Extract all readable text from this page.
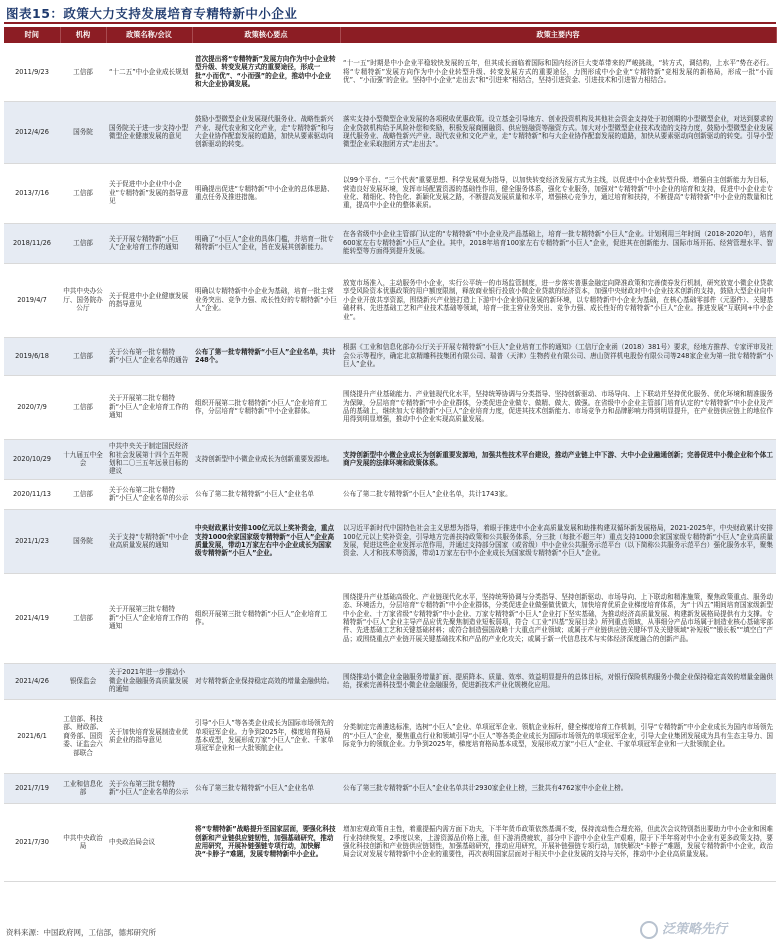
图表15：政策大力支持发展培育专精特新中小企业
时间	机构	政策名称/会议	政策核心要点	政策主要内容
2011/9/23	工信部	“十二五”中小企业成长规划	首次提出将“专精特新”发展方向作为中小企业转型升级、转变发展方式的重要途径，形成一批“小而优”、“小而强”的企业，推动中小企业和大企业协调发展。	“十一五”时期是中小企业平稳较快发展的五年，但其成长面临着国际和国内经济巨大变革带来的严峻挑战，“转方式，调结构，上水平”势在必行。将“专精特新”发展方向作为中小企业转型升级、转变发展方式的重要途径，力图形成中小企业“专精特新”竞相发展的新格局，形成一批“小而优”、“小而强”的企业。坚持中小企业“走出去”和“引进来”相结合，坚持引进资金、引进技术和引进智力相结合。
2012/4/26	国务院	国务院关于进一步支持小型微型企业健康发展的意见	鼓励小型微型企业发展现代服务业、战略性新兴产业、现代农业和文化产业，走“专精特新”和与大企业协作配套发展的道路，加快从要素驱动向创新驱动的转变。	落实支持小型微型企业发展的各项税收优惠政策。设立基金引导地方、创业投资机构及其他社会资金支持处于初创期的小型微型企业，对达到要求的企业贷款机构给予风险补偿和奖励，积极发展商圈融资、供应链融资等融资方式。加大对小型微型企业技术改造的支持力度，鼓励小型微型企业发展现代服务业、战略性新兴产业、现代农业和文化产业，走“专精特新”和与大企业协作配套发展的道路，加快从要素驱动向创新驱动的转变。引导小型微型企业采取抱团方式“走出去”。
2013/7/16	工信部	关于促进中小企业中小企业“专精特新”发展的指导意见	明确提出促进“专精特新”中小企业的总体思路、重点任务及推进措施。	以99个平台、“三个代表”重要思想、科学发展观为指导，以加快转变经济发展方式为主线，以促进中小企业转型升级、增强自主创新能力为目标，营造良好发展环境，发挥市场配置资源的基础性作用，健全服务体系，强化专业服务，加强对“专精特新”中小企业的培育和支持，促进中小企业走专业化、精细化、特色化、新颖化发展之路，不断提高发展质量和水平，增强核心竞争力，通过培育和扶持，不断提高“专精特新”中小企业的数量和比重，提高中小企业的整体素质。
2018/11/26	工信部	关于开展专精特新“小巨人”企业培育工作的通知	明确了“小巨人”企业的具体门槛，并培育一批专精特新“小巨人”企业，旨在发展其创新能力。	在各省级中小企业主管部门认定的“专精特新”中小企业及产品基础上，培育一批专精特新“小巨人”企业。计划利用三年时间（2018-2020年），培育600家左右专精特新“小巨人”企业。其中，2018年培育100家左右专精特新“小巨人”企业，促进其在创新能力、国际市场开拓、经营管理水平、智能转型等方面得到提升发展。
2019/4/7	中共中央办公厅、国务院办公厅	关于促进中小企业健康发展的指导意见	明确以专精特新中小企业为基础，培育一批主营业务突出、竞争力强、成长性好的专精特新“小巨人”企业。	放宽市场准入，主动服务中小企业，实行公平统一的市场监管制度，进一步落实普惠金融定向降准政策和完善债券发行机制，研究放宽小微企业贷款享受风险资本优惠政策的用户额度限制，释放商业银行投放小微企业贷款的经济资本，加强中央财政对中小企业技术创新的支持，鼓励大型企业向中小企业开放共享资源，围绕新兴产业链打造上下游中小企业协同发展的新环境，以专精特新中小企业为基础，在核心基础零部件（元器件）、关键基础材料、先进基础工艺和产业技术基础等领域，培育一批主营业务突出、竞争力强、成长性好的专精特新“小巨人”企业。推进发展“互联网+中小企业”。
2019/6/18	工信部	关于公布第一批专精特新“小巨人”企业名单的通告	公布了第一批专精特新“小巨人”企业名单，共计248个。	根据《工业和信息化部办公厅关于开展专精特新“小巨人”企业培育工作的通知》（工信厅企业函（2018）381号）要求，经地方推荐、专家评审及社会公示等程序，确定北京精雕科技集团有限公司、瑞普（天津）生物药业有限公司、唐山贺祥机电股份有限公司等248家企业为第一批专精特新“小巨人”企业。
2020/7/9	工信部	关于开展第二批专精特新“小巨人”企业培育工作的通知	组织开展第二批专精特新“小巨人”企业培育工作，分层培育“专精特新”中小企业群体。	围绕提升产业基础能力、产业链现代化水平，坚持统筹协调与分类指导、坚持创新驱动、市场导向、上下联动并坚持优化服务、优化环境和精准服务为保障，分层培育“专精特新”中小企业群体，分类促进企业做专、做精、做大、做强。在省级中小企业主管部门培育认定的“专精特新”中小企业及产品的基础上，继续加大专精特新“小巨人”企业培育力度，促进其技术创新能力、市场竞争力和品牌影响力得到明显提升，在产业链供应链上的地位作用得到明显增强，推动中小企业实现高质量发展。
2020/10/29	十九届五中全会	中共中央关于制定国民经济和社会发展第十四个五年规划和二〇三五年远景目标的建议	支持创新型中小微企业成长为创新重要发源地。	支持创新型中小微企业成长为创新重要发源地，加强共性技术平台建设，推动产业链上中下游、大中小企业融通创新；完善促进中小微企业和个体工商户发展的法律环境和政策体系。
2020/11/13	工信部	关于公布第二批专精特新“小巨人”企业名单的公示	公布了第二批专精特新“小巨人”企业名单	公布了第二批专精特新“小巨人”企业名单，共计1743家。
2021/1/23	国务院	关于支持“专精特新”中小企业高质量发展的通知	中央财政累计安排100亿元以上奖补资金，重点支持1000余家国家级专精特新“小巨人”企业高质量发展，带动1万家左右中小企业成长为国家级专精特新“小巨人”企业。	以习近平新时代中国特色社会主义思想为指导，着眼于推进中小企业高质量发展和助推构建双循环新发展格局，2021-2025年，中央财政累计安排100亿元以上奖补资金，引导地方完善扶持政策和公共服务体系，分三批（每批不超三年）重点支持1000余家国家级专精特新“小巨人”企业高质量发展，促进这些企业发挥示范作用，并通过支持部分国家（或省级）中小企业公共服务示范平台（以下简称公共服务示范平台）强化服务水平，聚集资金、人才和技术等资源，带动1万家左右中小企业成长为国家级专精特新“小巨人”企业。
2021/4/19	工信部	关于开展第三批专精特新“小巨人”企业培育工作的通知	组织开展第三批专精特新“小巨人”企业培育工作。	围绕提升产业基础高级化、产业链现代化水平，坚持统筹协调与分类指导、坚持创新驱动、市场导向、上下联动和精准施策，聚焦政策重点、服务动态、环境活力，分层培育“专精特新”中小企业群体，分类促进企业做强做优做大，加快培育优质企业梯度培育体系，为“十四五”期间培育国家级新型中小企业、十万家省级“专精特新”中小企业、万家专精特新“小巨人”企业打下坚实基础，为推动经济高质量发展、构建新发展格局提供有力支撑。专精特新“小巨人”企业主导产品应优先聚焦制造业短板弱项，符合《工业“四基”发展目录》所列重点领域，从事细分产品市场属于制造业核心基础零部件、先进基础工艺和关键基础材料；或符合制造强国战略十大重点产业领域；或属于产业链供应链关键环节及关键领域“补短板”“锻长板”“填空白”产品；或围绕重点产业链开展关键基础技术和产品的产业化攻关；或属于新一代信息技术与实体经济深度融合的创新产品。
2021/4/26	银保监会	关于2021年进一步推动小微企业金融服务高质量发展的通知	对专精特新企业保持稳定高效的增量金融供给。	围绕推动小微企业金融服务增量扩面、提质降本、质量、效率、效益明显提升的总体目标，对银行保险机构服务小微企业保持稳定高效的增量金融供给，探索完善科技型小微企业金融服务，促进新技术产业化规模化应用。
2021/6/1	工信部、科技部、财政部、商务部、国资委、证监会六部联合	关于加快培育发展制造业优质企业的指导意见	引导“小巨人”等各类企业成长为国际市场领先的单项冠军企业。力争到2025年，梯度培育格局基本成型，发展形成万家“小巨人”企业、千家单项冠军企业和一大批领航企业。	分类制定完善遴选标准，选树“小巨人”企业、单项冠军企业、领航企业标杆，健全梯度培育工作机制，引导“专精特新”中小企业成长为国内市场领先的“小巨人”企业，聚焦重点行业和领域引导“小巨人”等各类企业成长为国际市场领先的单项冠军企业，引导大企业集团发展成为具有生态主导力、国际竞争力的领航企业。力争到2025年，梯度培育格局基本成型，发展形成万家“小巨人”企业、千家单项冠军企业和一大批领航企业。
2021/7/19	工业和信息化部	关于公布第三批专精特新“小巨人”企业名单的公示	公布了第三批专精特新“小巨人”企业名单	公布了第三批专精特新“小巨人”企业名单共计2930家企业上榜，三批共有4762家中小企业上榜。
2021/7/30	中共中央政治局	中央政治局会议	将“专精特新”战略提升至国家层面，要强化科技创新和产业链供应链韧性，加强基础研究，推动应用研究，开展补链强链专项行动，加快解决“卡脖子”难题，发展专精特新中小企业。	增加宏观政策自主性，着重提振内需方面下功夫，下半年货币政策依然基调不变，保持流动性合理充裕，但此次会议特别指出要助力中小企业和困难行业持续恢复，2季度以来，上游资源品价格上涨，但下游消费疲软，部分中下游中小企业生产艰难，限于下半年将对中小企业有更多政策支持，要强化科技创新和产业链供应链韧性，加强基础研究，推动应用研究，开展补链强链专项行动，加快解决“卡脖子”难题，发展专精特新中小企业，政治局会议对发展专精特新中小企业的重要性，再次表明国家层面对于相关中小企业发展的支持与关怀，推动中小企业高质量发展。
资料来源：中国政府网，工信部，德邦研究所	泛策略先行
